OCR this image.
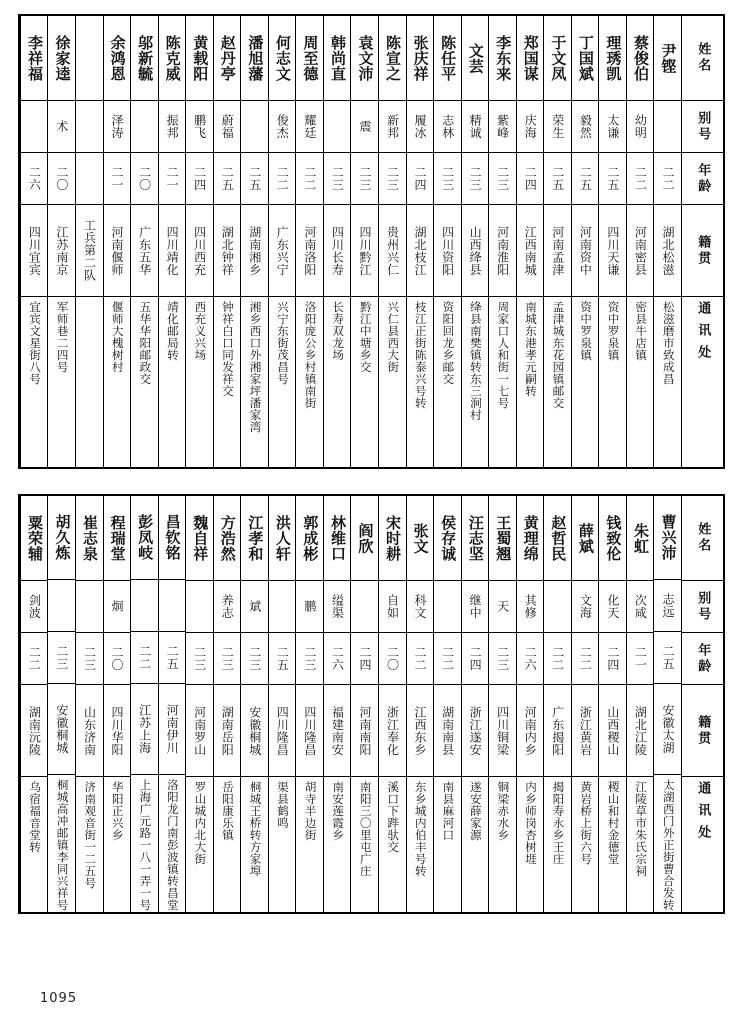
姓名
别号
年龄
籍贯
通讯处
尹铿
二二
湖北松滋
松滋磨市致成昌
蔡俊伯
幼明
二二
河南密县
密县牛店镇
理琇凯
太谦
二五
四川天谦
资中罗泉镇
丁国斌
毅然
二五
河南资中
资中罗泉镇
于文凤
荣生
二五
河南孟津
孟津城东花园镇邮交
郑国谋
庆海
二四
江西南城
南城东港孝元嗣转
李东来
紫峰
二三
河南淮阳
周家口人和街一七号
文芸
精诚
二三
山西绛县
绛县南樊镇转东三涧村
陈任平
志林
二三
四川资阳
资阳回龙乡邮交
张庆祥
履冰
二四
湖北枝江
枝江正街陈泰兴号转
陈宣之
新邦
二三
贵州兴仁
兴仁县西大街
袁文沛
震
二三
四川黔江
黔江中塘乡交
韩尚直
二三
四川长寿
长寿双龙场
周至德
耀廷
二二
河南洛阳
洛阳庞公乡村镇南街
何志文
俊杰
二二
广东兴宁
兴宁东街茂昌号
潘旭藩
二五
湖南湘乡
湘乡西口外湘家坪潘家湾
赵丹亭
蔚福
二五
湖北钟祥
钟祥白口同发祥交
黄载阳
鹏飞
二四
四川西充
西充义兴场
陈克威
振邦
二一
四川靖化
靖化邮局转
邬新毓
二〇
广东五华
五华华阳邮政交
余鸿恩
泽涛
二一
河南偃师
偃师大槐树村
工兵第二队
徐家逵
术
二〇
江苏南京
军师巷二四号
李祥福
二六
四川宜宾
宜宾文星街八号
姓名
别号
年龄
籍贯
通讯处
曹兴沛
志远
二五
安徽太湖
太湖西门外正街曹合发转
朱虹
次咸
二一
湖北江陵
江陵草市朱氏宗祠
钱致伦
化天
二四
山西稷山
稷山和村金德堂
薛斌
文海
二二
浙江黄岩
黄岩桥上街六号
赵哲民
二二
广东揭阳
揭阳寿永乡王庄
黄理绵
其修
二六
河南内乡
内乡师岗杏树堐
王蜀翘
天
二三
四川铜梁
铜梁赤水乡
汪志坚
继中
二四
浙江遂安
遂安薛家源
侯存诚
二二
湖南南县
南县麻河口
张文
科文
二二
江西东乡
东乡城内伯丰号转
宋时耕
自如
二〇
浙江奉化
溪口下跸驮交
阎欣
二四
河南南阳
南阳三〇里屯广庄
林维口
缢渠
二六
福建南安
南安莲霞乡
郭成彬
鹏
二三
四川隆昌
胡寺半边街
洪人轩
二五
四川隆昌
渠县鹤鸣
江孝和
斌
二三
安徽桐城
桐城王桥转方家埠
方浩然
养志
二三
湖南岳阳
岳阳康乐镇
魏自祥
二三
河南罗山
罗山城内北大街
昌钦铭
二五
河南伊川
洛阳龙门南彭波镇转昌堂
彭凤岐
二二
江苏上海
上海广元路一八一弄一号
程瑞堂
炯
二〇
四川华阳
华阳正兴乡
崔志泉
二三
山东济南
济南观音街一二五号
胡久炼
二三
安徽桐城
桐城高冲邮镇李同兴祥号
粟荣辅
剑波
二二
湖南沅陵
乌宿福音堂转
1095
